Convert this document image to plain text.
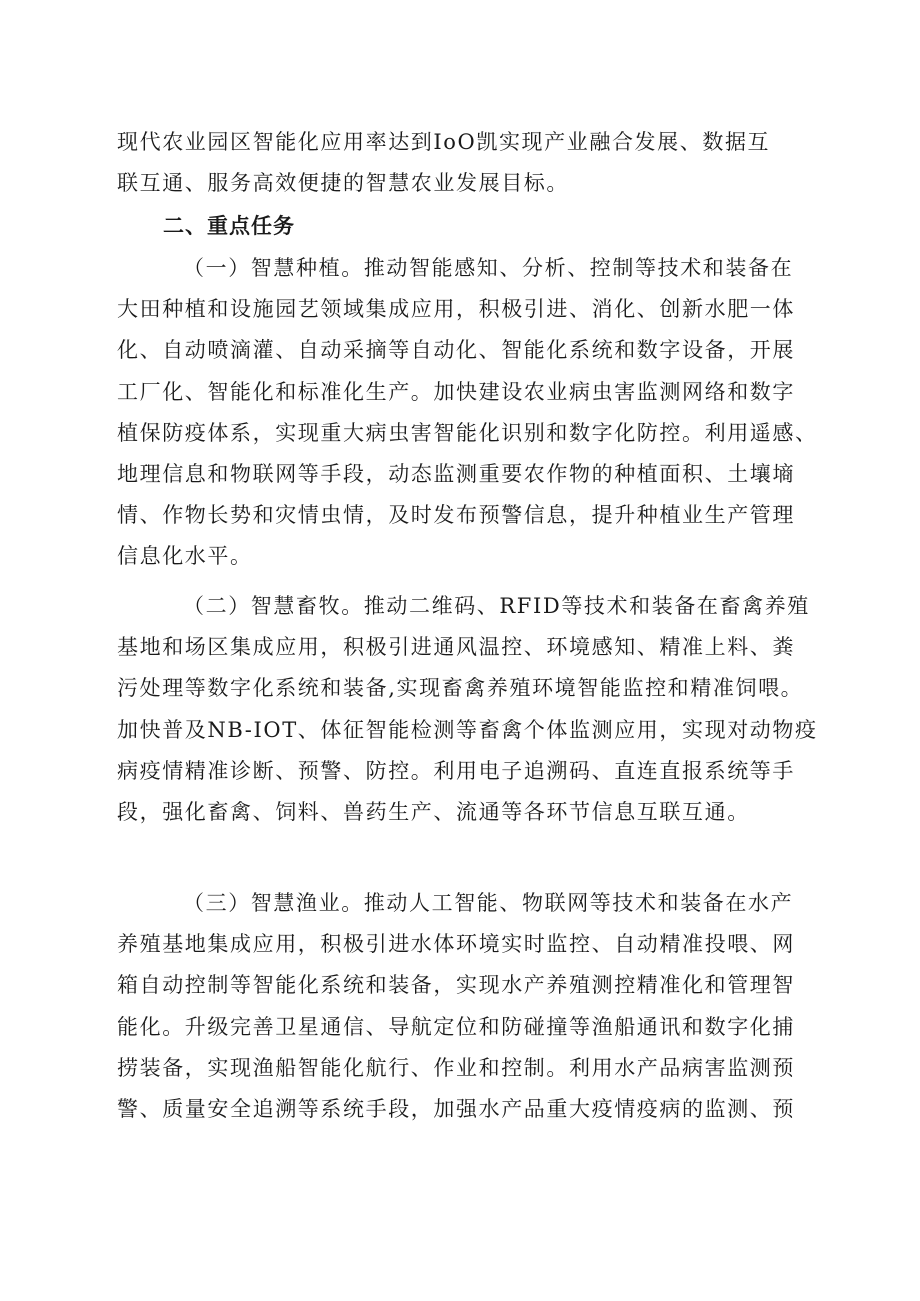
现代农业园区智能化应用率达到IoO凯实现产业融合发展、数据互
联互通、服务高效便捷的智慧农业发展目标。
二、重点任务
（一）智慧种植。推动智能感知、分析、控制等技术和装备在
大田种植和设施园艺领域集成应用，积极引进、消化、创新水肥一体
化、自动喷滴灌、自动采摘等自动化、智能化系统和数字设备，开展
工厂化、智能化和标准化生产。加快建设农业病虫害监测网络和数字
植保防疫体系，实现重大病虫害智能化识别和数字化防控。利用遥感、
地理信息和物联网等手段，动态监测重要农作物的种植面积、土壤墒
情、作物长势和灾情虫情，及时发布预警信息，提升种植业生产管理
信息化水平。
（二）智慧畜牧。推动二维码、RFID等技术和装备在畜禽养殖
基地和场区集成应用，积极引进通风温控、环境感知、精准上料、粪
污处理等数字化系统和装备,实现畜禽养殖环境智能监控和精准饲喂。
加快普及NB-IOT、体征智能检测等畜禽个体监测应用，实现对动物疫
病疫情精准诊断、预警、防控。利用电子追溯码、直连直报系统等手
段，强化畜禽、饲料、兽药生产、流通等各环节信息互联互通。
（三）智慧渔业。推动人工智能、物联网等技术和装备在水产
养殖基地集成应用，积极引进水体环境实时监控、自动精准投喂、网
箱自动控制等智能化系统和装备，实现水产养殖测控精准化和管理智
能化。升级完善卫星通信、导航定位和防碰撞等渔船通讯和数字化捕
捞装备，实现渔船智能化航行、作业和控制。利用水产品病害监测预
警、质量安全追溯等系统手段，加强水产品重大疫情疫病的监测、预
